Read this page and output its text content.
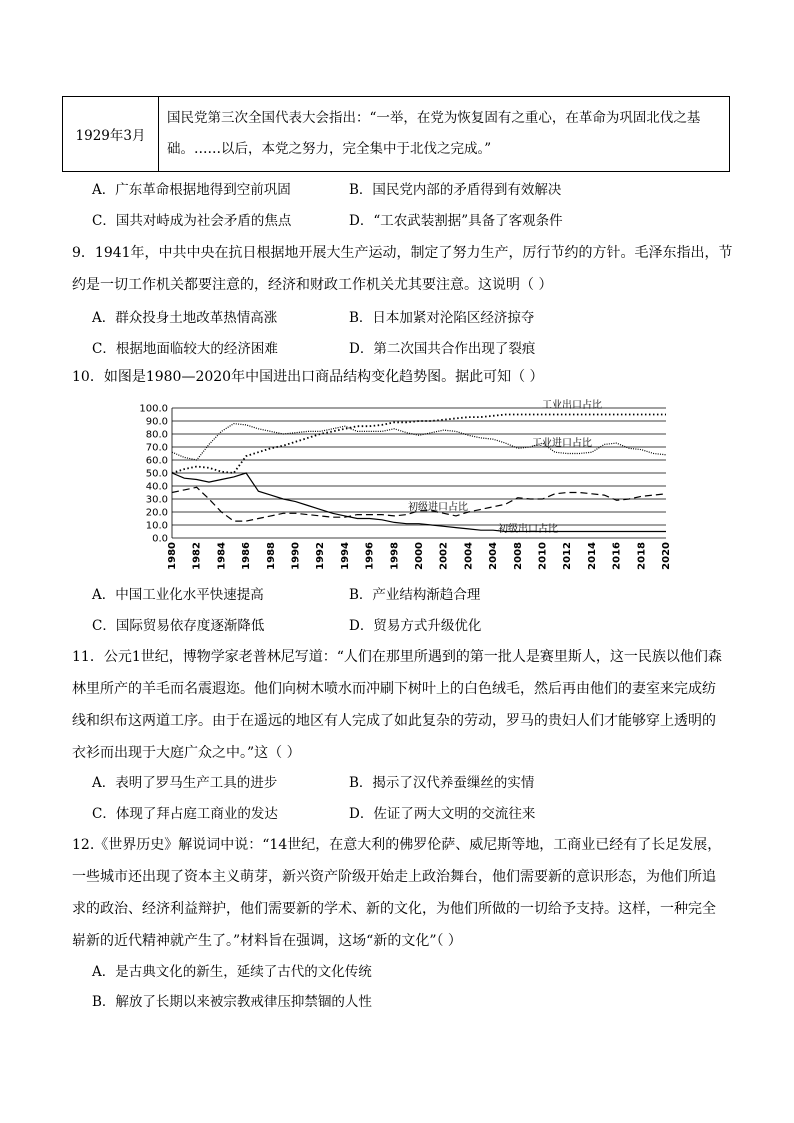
1929年3月	国民党第三次全国代表大会指出：“一举，在党为恢复固有之重心，在革命为巩固北伐之基础。……以后，本党之努力，完全集中于北伐之完成。”
A．广东革命根据地得到空前巩固	B．国民党内部的矛盾得到有效解决
C．国共对峙成为社会矛盾的焦点	D．“工农武装割据”具备了客观条件
9．1941年，中共中央在抗日根据地开展大生产运动，制定了努力生产，厉行节约的方针。毛泽东指出，节
约是一切工作机关都要注意的，经济和财政工作机关尤其要注意。这说明（ ）
A．群众投身土地改革热情高涨	B．日本加紧对沦陷区经济掠夺
C．根据地面临较大的经济困难	D．第二次国共合作出现了裂痕
10．如图是1980—2020年中国进出口商品结构变化趋势图。据此可知（ ）
100.0
90.0
80.0
70.0
60.0
50.0
40.0
30.0
20.0
10.0
0.0
1980 1982 1984 1986 1988 1990 1992 1994 1996 1998 2000 2002 2004 2004 2008 2010 2012 2014 2016 2018 2020
工业出口占比
工业进口占比
初级进口占比
初级出口占比
A．中国工业化水平快速提高	B．产业结构渐趋合理
C．国际贸易依存度逐渐降低	D．贸易方式升级优化
11．公元1世纪，博物学家老普林尼写道：“人们在那里所遇到的第一批人是赛里斯人，这一民族以他们森
林里所产的羊毛而名震遐迩。他们向树木喷水而冲刷下树叶上的白色绒毛，然后再由他们的妻室来完成纺
线和织布这两道工序。由于在遥远的地区有人完成了如此复杂的劳动，罗马的贵妇人们才能够穿上透明的
衣衫而出现于大庭广众之中。”这（ ）
A．表明了罗马生产工具的进步	B．揭示了汉代养蚕缫丝的实情
C．体现了拜占庭工商业的发达	D．佐证了两大文明的交流往来
12.《世界历史》解说词中说：“14世纪，在意大利的佛罗伦萨、威尼斯等地，工商业已经有了长足发展，
一些城市还出现了资本主义萌芽，新兴资产阶级开始走上政治舞台，他们需要新的意识形态，为他们所追
求的政治、经济利益辩护，他们需要新的学术、新的文化，为他们所做的一切给予支持。这样，一种完全
崭新的近代精神就产生了。”材料旨在强调，这场“新的文化”（ ）
A．是古典文化的新生，延续了古代的文化传统
B．解放了长期以来被宗教戒律压抑禁锢的人性
